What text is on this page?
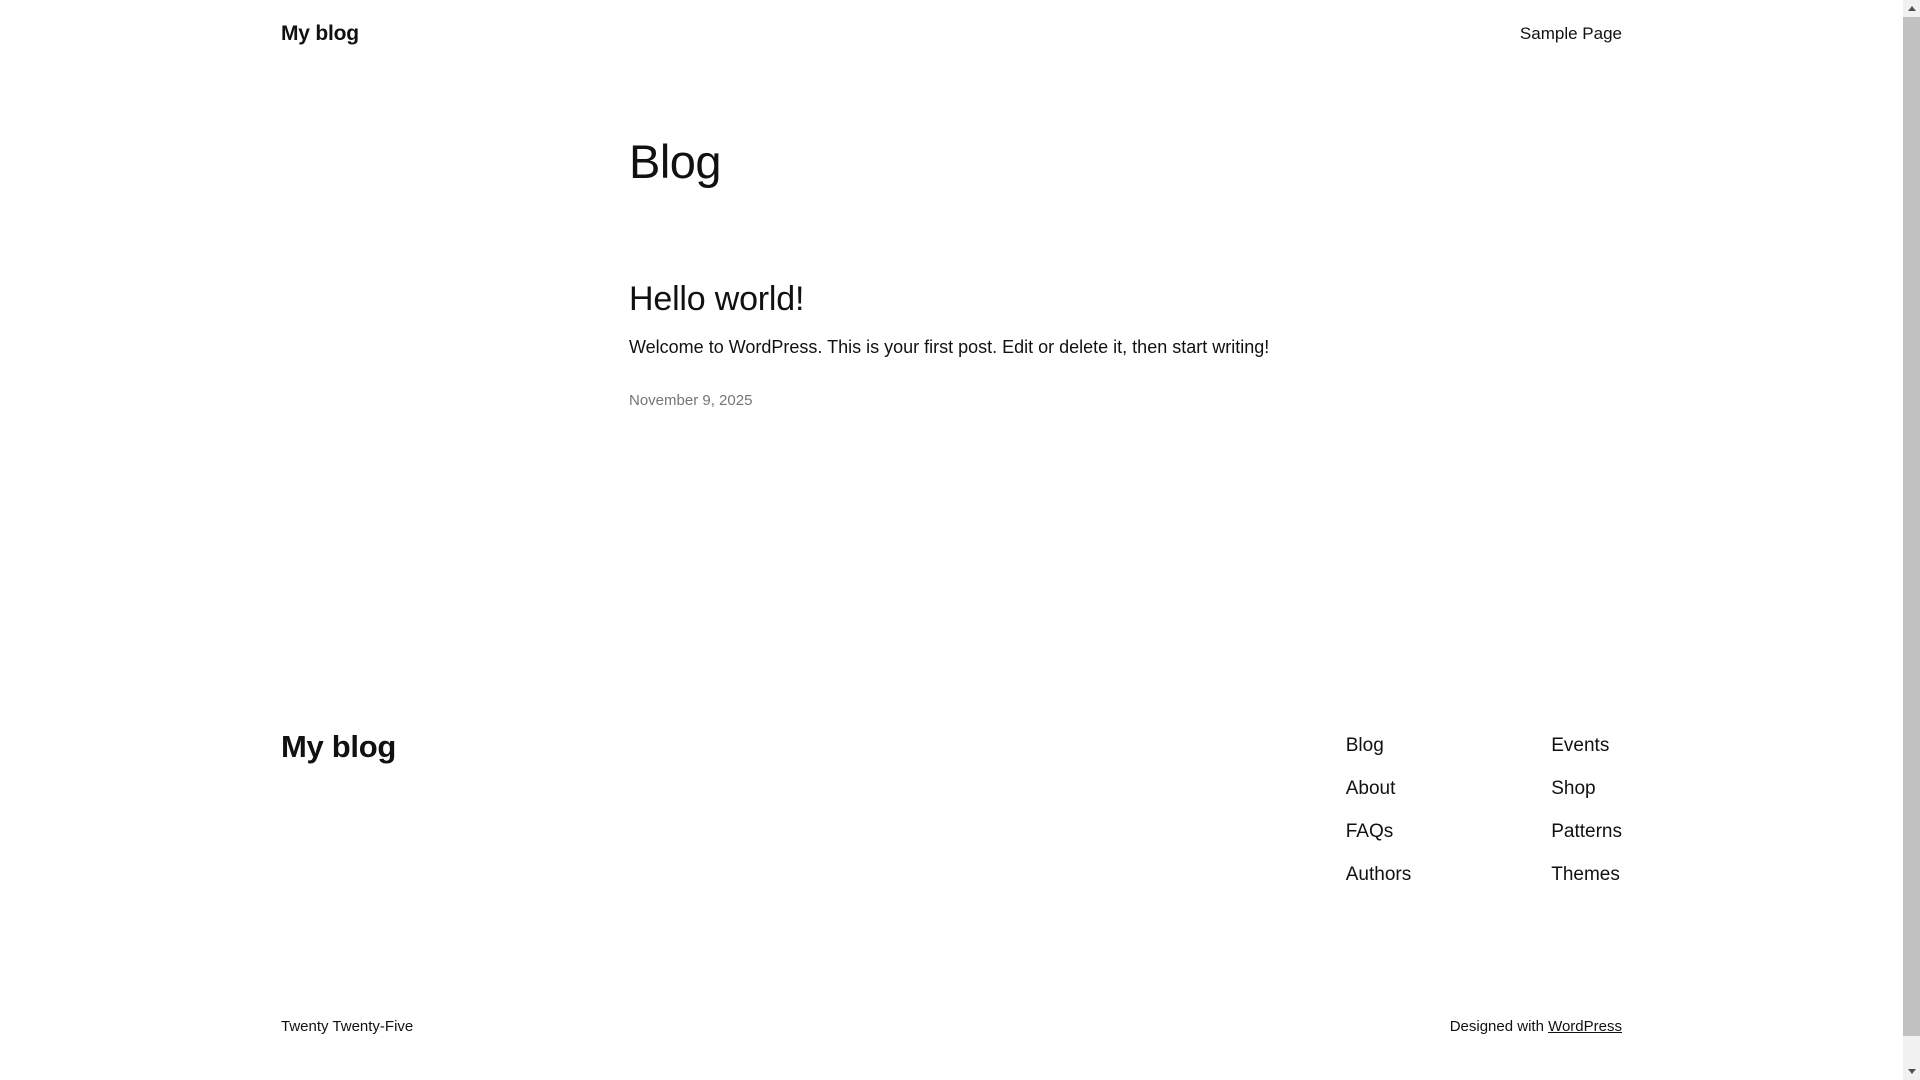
My blog	Sample Page
Blog
Hello world!

Welcome to WordPress. This is your first post. Edit or delete it, then start writing!

November 9, 2025
My blog	Blog
About
FAQs
Authors
Events
Shop
Patterns
Themes
Twenty Twenty-Five	Designed with WordPress
